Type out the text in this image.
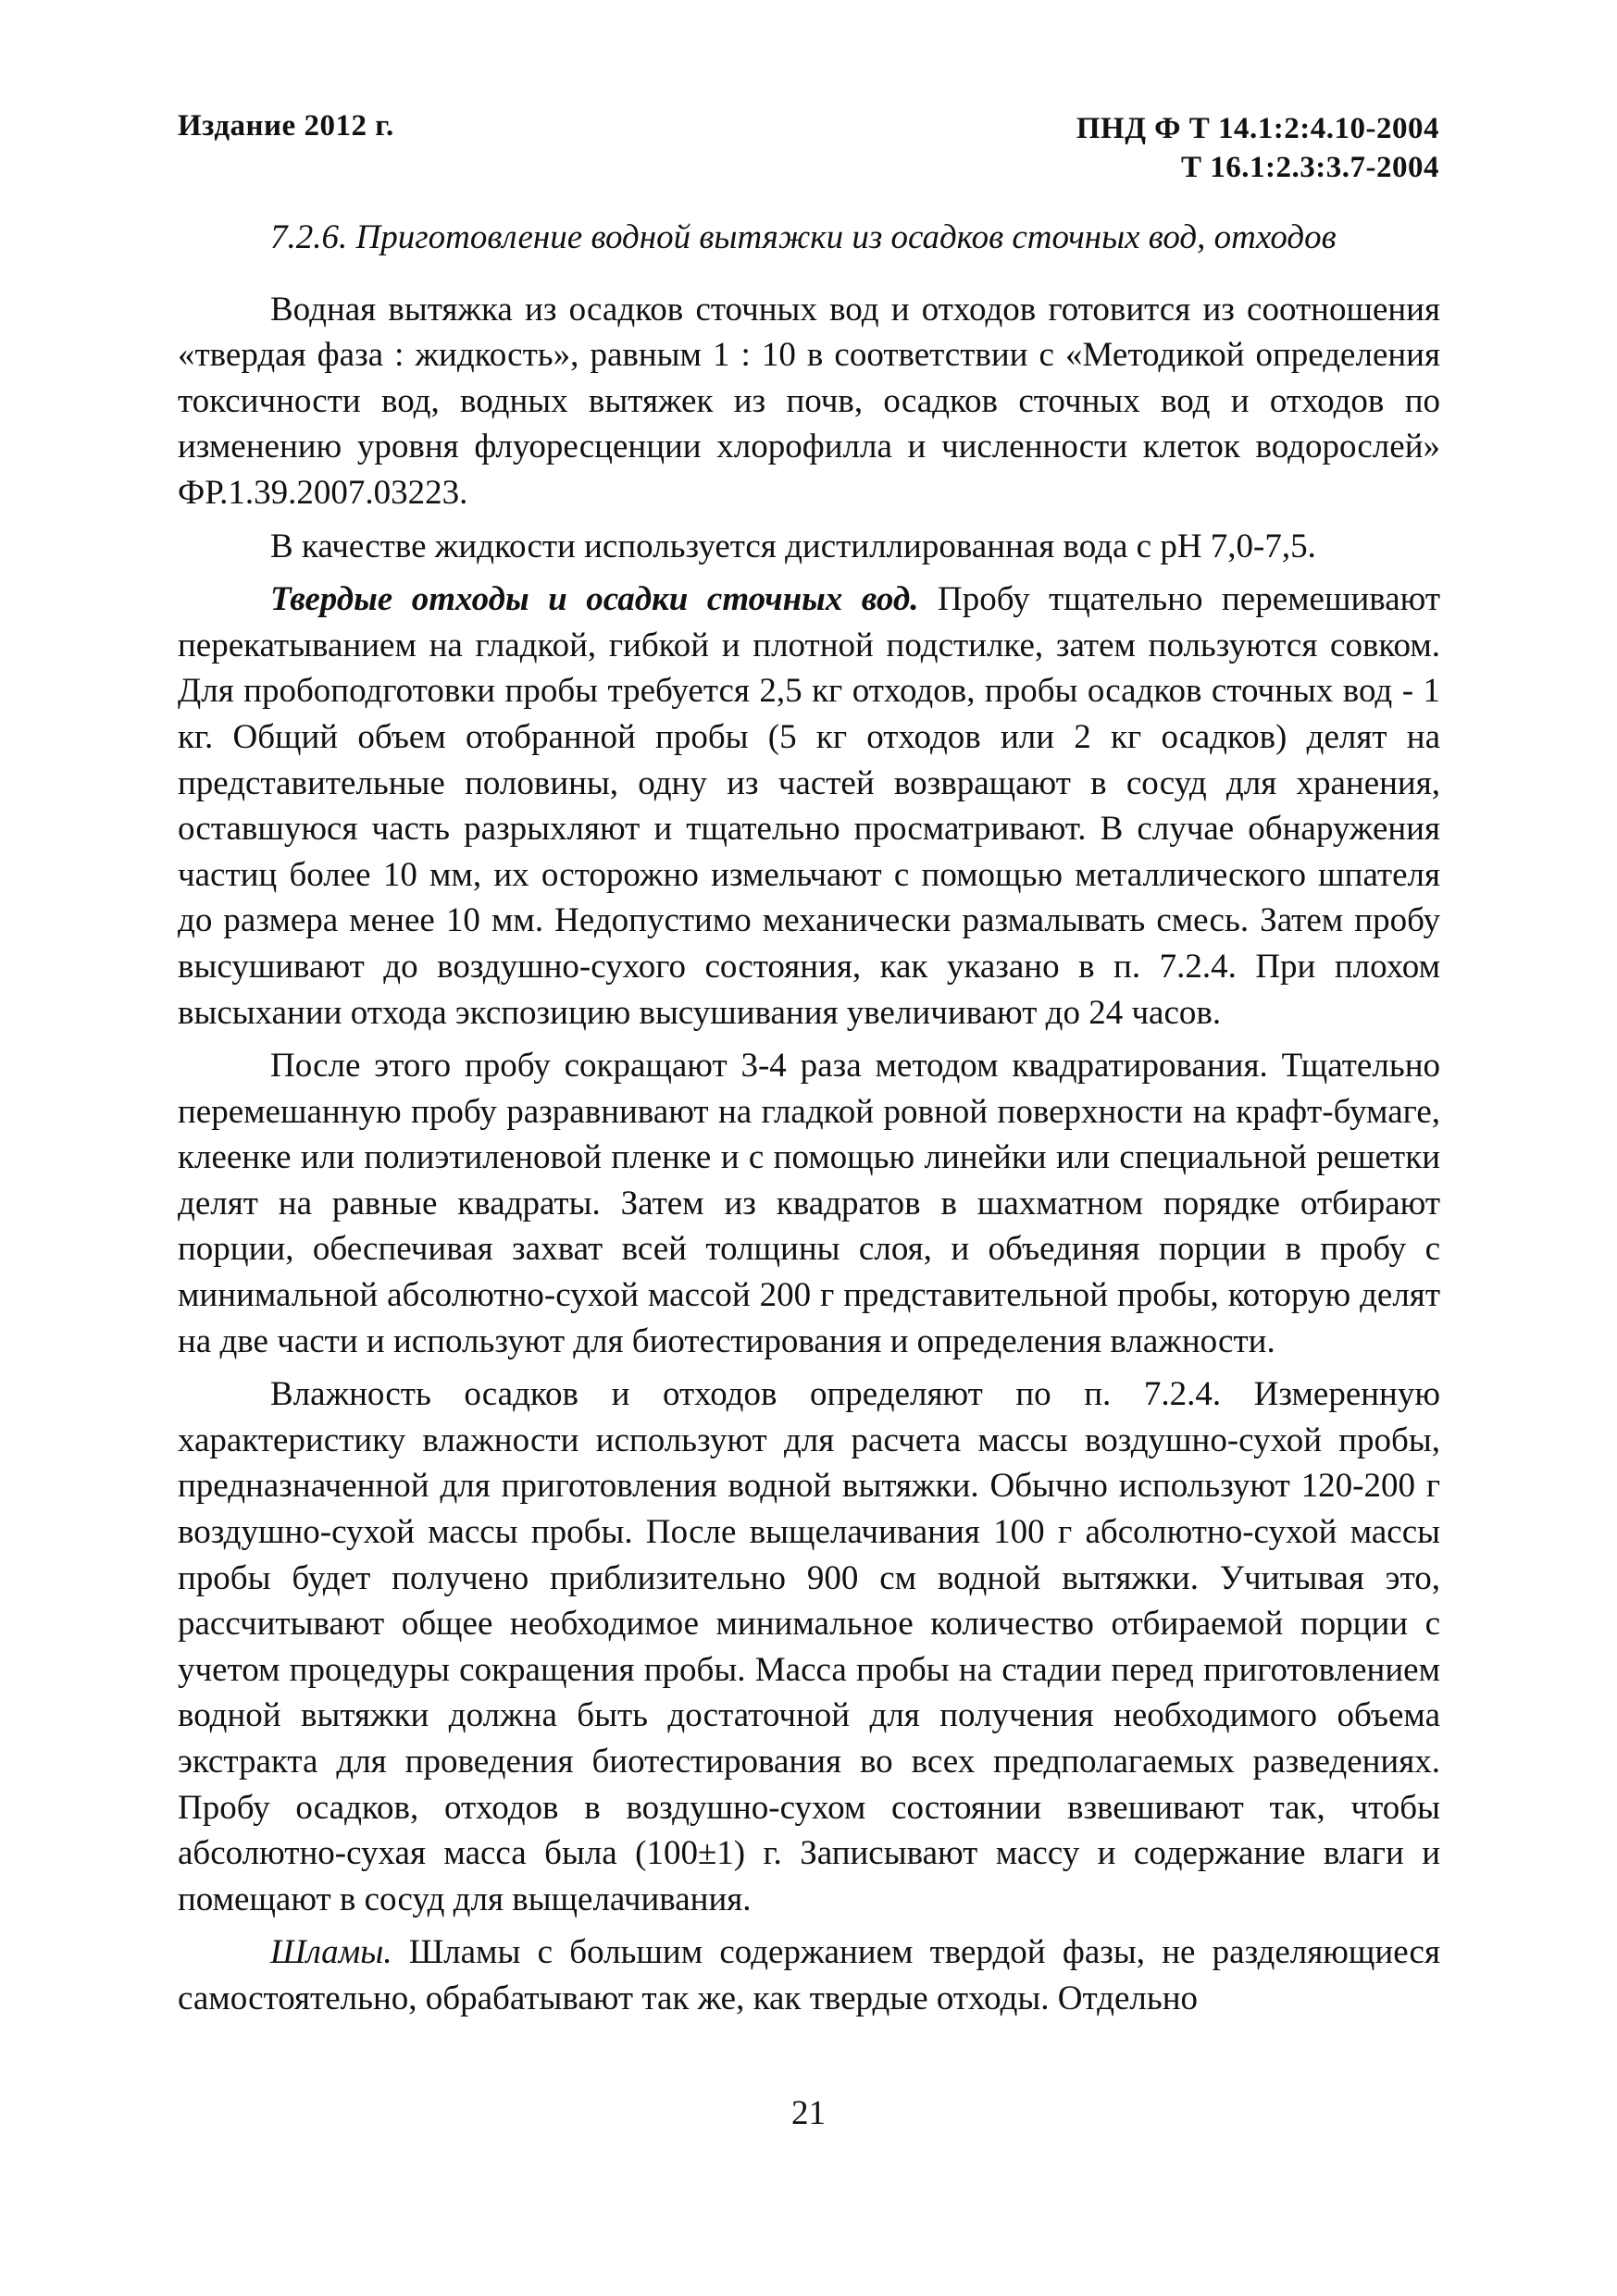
Издание 2012 г.	ПНД Ф Т 14.1:2:4.10-2004
Т 16.1:2.3:3.7-2004

7.2.6. Приготовление водной вытяжки из осадков сточных вод, отходов

Водная вытяжка из осадков сточных вод и отходов готовится из соотношения «твердая фаза : жидкость», равным 1 : 10 в соответствии с «Методикой определения токсичности вод, водных вытяжек из почв, осадков сточных вод и отходов по изменению уровня флуоресценции хлорофилла и численности клеток водорослей» ФР.1.39.2007.03223.

В качестве жидкости используется дистиллированная вода с рН 7,0-7,5.

Твердые отходы и осадки сточных вод. Пробу тщательно перемешивают перекатыванием на гладкой, гибкой и плотной подстилке, затем пользуются совком. Для пробоподготовки пробы требуется 2,5 кг отходов, пробы осадков сточных вод - 1 кг. Общий объем отобранной пробы (5 кг отходов или 2 кг осадков) делят на представительные половины, одну из частей возвращают в сосуд для хранения, оставшуюся часть разрыхляют и тщательно просматривают. В случае обнаружения частиц более 10 мм, их осторожно измельчают с помощью металлического шпателя до размера менее 10 мм. Недопустимо механически размалывать смесь. Затем пробу высушивают до воздушно-сухого состояния, как указано в п. 7.2.4. При плохом высыхании отхода экспозицию высушивания увеличивают до 24 часов.

После этого пробу сокращают 3-4 раза методом квадратирования. Тщательно перемешанную пробу разравнивают на гладкой ровной поверхности на крафт-бумаге, клеенке или полиэтиленовой пленке и с помощью линейки или специальной решетки делят на равные квадраты. Затем из квадратов в шахматном порядке отбирают порции, обеспечивая захват всей толщины слоя, и объединяя порции в пробу с минимальной абсолютно-сухой массой 200 г представительной пробы, которую делят на две части и используют для биотестирования и определения влажности.

Влажность осадков и отходов определяют по п. 7.2.4. Измеренную характеристику влажности используют для расчета массы воздушно-сухой пробы, предназначенной для приготовления водной вытяжки. Обычно используют 120-200 г воздушно-сухой массы пробы. После выщелачивания 100 г абсолютно-сухой массы пробы будет получено приблизительно 900 см водной вытяжки. Учитывая это, рассчитывают общее необходимое минимальное количество отбираемой порции с учетом процедуры сокращения пробы. Масса пробы на стадии перед приготовлением водной вытяжки должна быть достаточной для получения необходимого объема экстракта для проведения биотестирования во всех предполагаемых разведениях. Пробу осадков, отходов в воздушно-сухом состоянии взвешивают так, чтобы абсолютно-сухая масса была (100±1) г. Записывают массу и содержание влаги и помещают в сосуд для выщелачивания.

Шламы. Шламы с большим содержанием твердой фазы, не разделяющиеся самостоятельно, обрабатывают так же, как твердые отходы. Отдельно

21
